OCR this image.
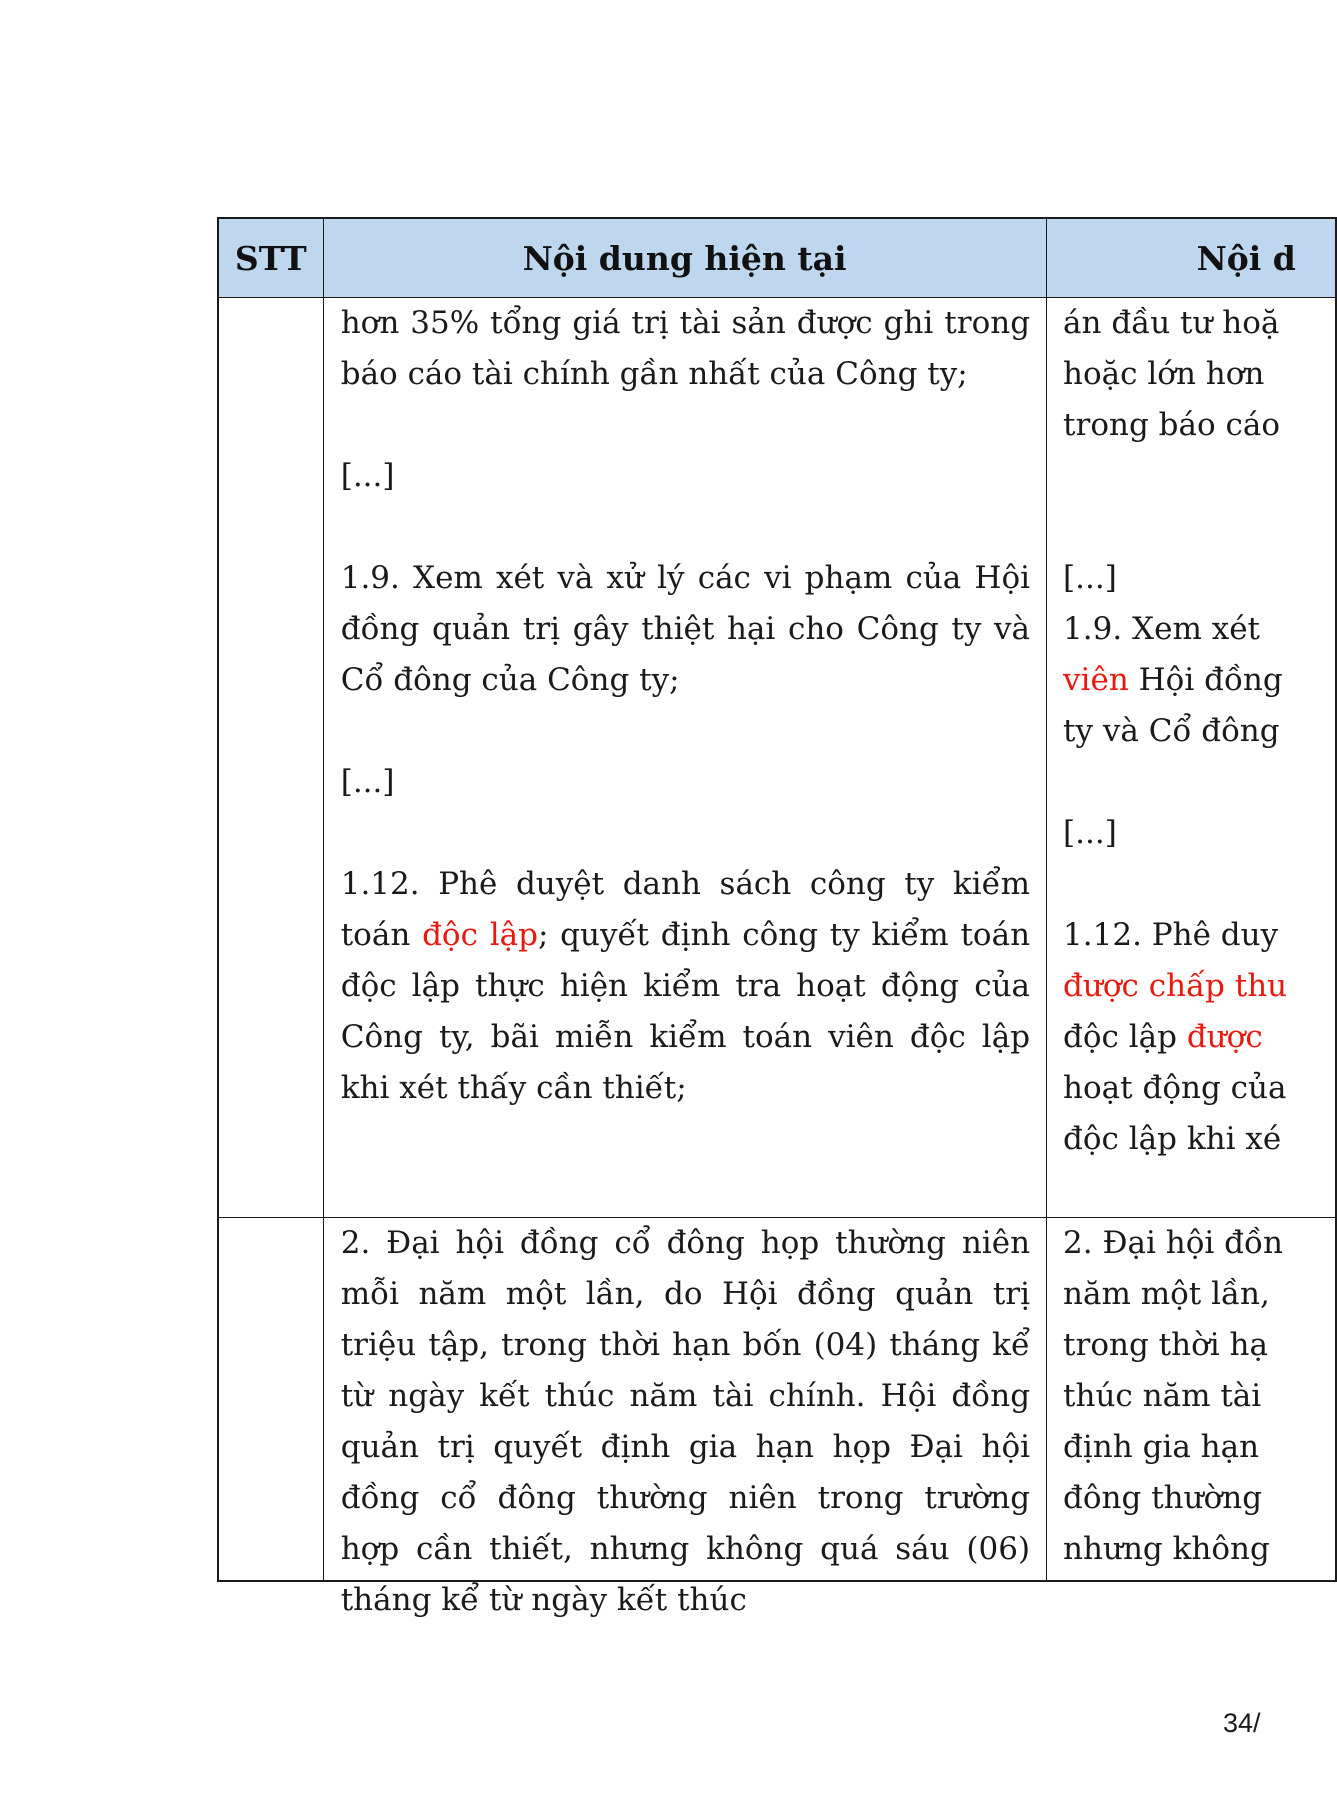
STT	Nội dung hiện tại	Nội d

hơn 35% tổng giá trị tài sản được ghi trong báo cáo tài chính gần nhất của Công ty;

[...]

1.9. Xem xét và xử lý các vi phạm của Hội đồng quản trị gây thiệt hại cho Công ty và Cổ đông của Công ty;

[...]

1.12. Phê duyệt danh sách công ty kiểm toán độc lập; quyết định công ty kiểm toán độc lập thực hiện kiểm tra hoạt động của Công ty, bãi miễn kiểm toán viên độc lập khi xét thấy cần thiết;

án đầu tư hoặ

hoặc lớn hơn

trong báo cáo

[...]

1.9. Xem xét

viên Hội đồng

ty và Cổ đông

[...]

1.12. Phê duy

được chấp thu

độc lập được

hoạt động của

độc lập khi xé

2. Đại hội đồng cổ đông họp thường niên mỗi năm một lần, do Hội đồng quản trị triệu tập, trong thời hạn bốn (04) tháng kể từ ngày kết thúc năm tài chính. Hội đồng quản trị quyết định gia hạn họp Đại hội đồng cổ đông thường niên trong trường hợp cần thiết, nhưng không quá sáu (06) tháng kể từ ngày kết thúc

2. Đại hội đồn

năm một lần,

trong thời hạ

thúc năm tài

định gia hạn

đông thường

nhưng không

34/
